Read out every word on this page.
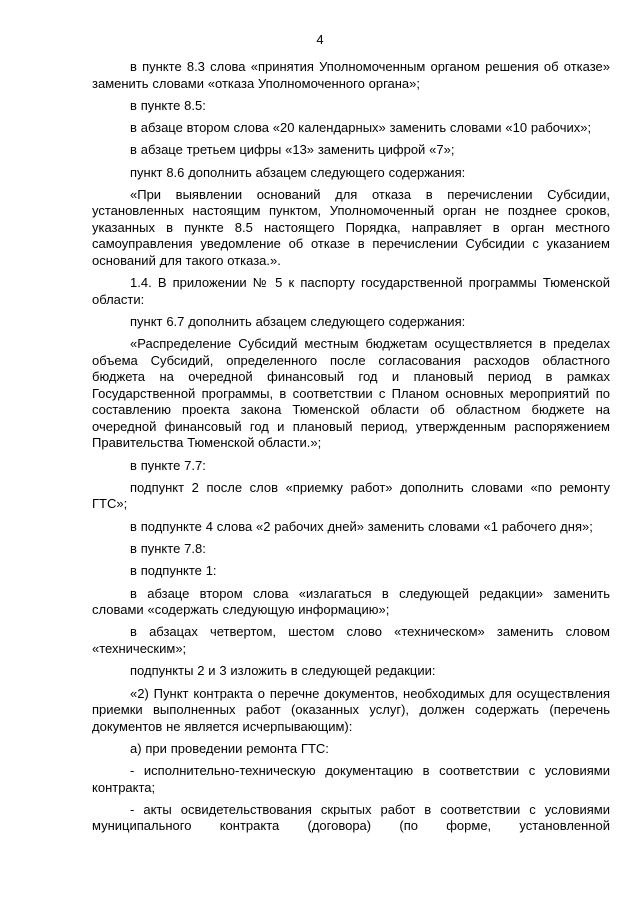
4

в пункте 8.3 слова «принятия Уполномоченным органом решения об отказе» заменить словами «отказа Уполномоченного органа»;

в пункте 8.5:

в абзаце втором слова «20 календарных» заменить словами «10 рабочих»;

в абзаце третьем цифры «13» заменить цифрой «7»;

пункт 8.6 дополнить абзацем следующего содержания:

«При выявлении оснований для отказа в перечислении Субсидии, установленных настоящим пунктом, Уполномоченный орган не позднее сроков, указанных в пункте 8.5 настоящего Порядка, направляет в орган местного самоуправления уведомление об отказе в перечислении Субсидии с указанием оснований для такого отказа.».

1.4. В приложении № 5 к паспорту государственной программы Тюменской области:

пункт 6.7 дополнить абзацем следующего содержания:

«Распределение Субсидий местным бюджетам осуществляется в пределах объема Субсидий, определенного после согласования расходов областного бюджета на очередной финансовый год и плановый период в рамках Государственной программы, в соответствии с Планом основных мероприятий по составлению проекта закона Тюменской области об областном бюджете на очередной финансовый год и плановый период, утвержденным распоряжением Правительства Тюменской области.»;

в пункте 7.7:

подпункт 2 после слов «приемку работ» дополнить словами «по ремонту ГТС»;

в подпункте 4 слова «2 рабочих дней» заменить словами «1 рабочего дня»;

в пункте 7.8:

в подпункте 1:

в абзаце втором слова «излагаться в следующей редакции» заменить словами «содержать следующую информацию»;

в абзацах четвертом, шестом слово «техническом» заменить словом «техническим»;

подпункты 2 и 3 изложить в следующей редакции:

«2) Пункт контракта о перечне документов, необходимых для осуществления приемки выполненных работ (оказанных услуг), должен содержать (перечень документов не является исчерпывающим):

а) при проведении ремонта ГТС:

- исполнительно-техническую документацию в соответствии с условиями контракта;

- акты освидетельствования скрытых работ в соответствии с условиями муниципального контракта (договора) (по форме, установленной
